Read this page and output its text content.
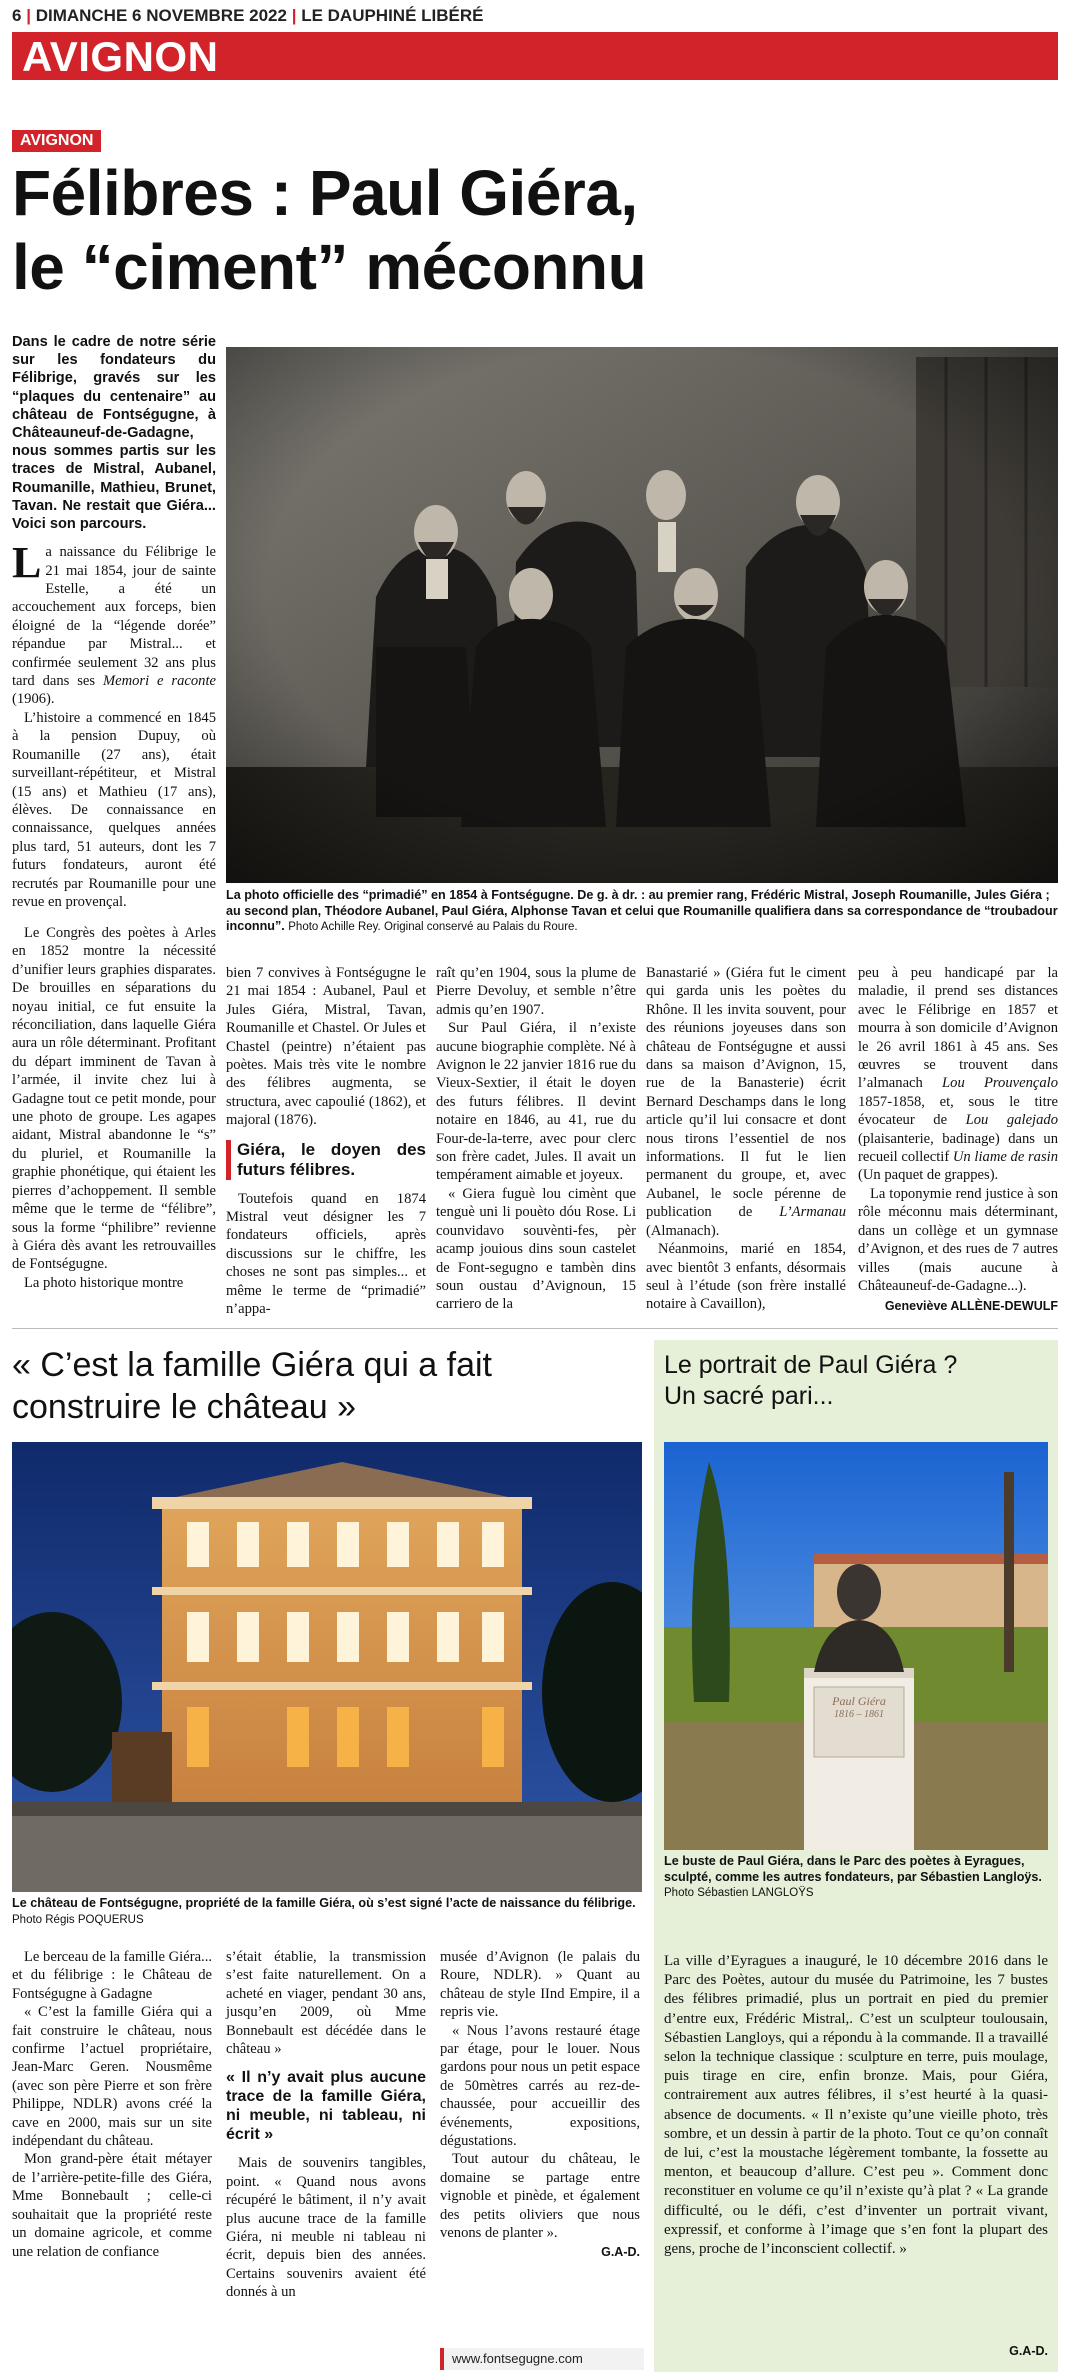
6 | DIMANCHE 6 NOVEMBRE 2022 | LE DAUPHINÉ LIBÉRÉ
AVIGNON
AVIGNON
Félibres : Paul Giéra,
le “ciment” méconnu
Dans le cadre de notre série sur les fondateurs du Félibrige, gravés sur les “plaques du centenaire” au château de Fontségugne, à Châteauneuf-de-Gadagne, nous sommes partis sur les traces de Mistral, Aubanel, Roumanille, Mathieu, Brunet, Tavan. Ne restait que Giéra... Voici son parcours.

La naissance du Félibrige le 21 mai 1854, jour de sainte Estelle, a été un accouchement aux forceps, bien éloigné de la “légende dorée” répandue par Mistral... et confirmée seulement 32 ans plus tard dans ses Memori e raconte (1906).

L’histoire a commencé en 1845 à la pension Dupuy, où Roumanille (27 ans), était surveillant-répétiteur, et Mistral (15 ans) et Mathieu (17 ans), élèves. De connaissance en connaissance, quelques années plus tard, 51 auteurs, dont les 7 futurs fondateurs, auront été recrutés par Roumanille pour une revue en provençal.	La photo officielle des “primadié” en 1854 à Fontségugne. De g. à dr. : au premier rang, Frédéric Mistral, Joseph Roumanille, Jules Giéra ; au second plan, Théodore Aubanel, Paul Giéra, Alphonse Tavan et celui que Roumanille qualifiera dans sa correspondance de “troubadour inconnu”. Photo Achille Rey. Original conservé au Palais du Roure.

Le Congrès des poètes à Arles en 1852 montre la nécessité d’unifier leurs graphies disparates. De brouilles en séparations du noyau initial, ce fut ensuite la réconciliation, dans laquelle Giéra aura un rôle déterminant. Profitant du départ imminent de Tavan à l’armée, il invite chez lui à Gadagne tout ce petit monde, pour une photo de groupe. Les agapes aidant, Mistral abandonne le “s” du pluriel, et Roumanille la graphie phonétique, qui étaient les pierres d’achoppement. Il semble même que le terme de “félibre”, sous la forme “philibre” revienne à Giéra dès avant les retrouvailles de Fontségugne.

La photo historique montre

bien 7 convives à Fontségugne le 21 mai 1854 : Aubanel, Paul et Jules Giéra, Mistral, Tavan, Roumanille et Chastel. Or Jules et Chastel (peintre) n’étaient pas poètes. Mais très vite le nombre des félibres augmenta, se structura, avec capoulié (1862), et majoral (1876).

Giéra, le doyen des futurs félibres.

Toutefois quand en 1874 Mistral veut désigner les 7 fondateurs officiels, après discussions sur le chiffre, les choses ne sont pas simples... et même le terme de “primadié” n’appa-

raît qu’en 1904, sous la plume de Pierre Devoluy, et semble n’être admis qu’en 1907.

Sur Paul Giéra, il n’existe aucune biographie complète. Né à Avignon le 22 janvier 1816 rue du Vieux-Sextier, il était le doyen des futurs félibres. Il devint notaire en 1846, au 41, rue du Four-de-la-terre, avec pour clerc son frère cadet, Jules. Il avait un tempérament aimable et joyeux.

« Giera fuguè lou cimènt que tenguè uni li pouèto dóu Rose. Li counvidavo souvènti-fes, pèr acamp jouious dins soun castelet de Font-segugno e tambèn dins soun oustau d’Avignoun, 15 carriero de la

Banastarié » (Giéra fut le ciment qui garda unis les poètes du Rhône. Il les invita souvent, pour des réunions joyeuses dans son château de Fontségugne et aussi dans sa maison d’Avignon, 15, rue de la Banasterie) écrit Bernard Deschamps dans le long article qu’il lui consacre et dont nous tirons l’essentiel de nos informations. Il fut le lien permanent du groupe, et, avec Aubanel, le socle pérenne de publication de L’Armanau (Almanach).

Néanmoins, marié en 1854, avec bientôt 3 enfants, désormais seul à l’étude (son frère installé notaire à Cavaillon),

peu à peu handicapé par la maladie, il prend ses distances avec le Félibrige en 1857 et mourra à son domicile d’Avignon le 26 avril 1861 à 45 ans. Ses œuvres se trouvent dans l’almanach Lou Prouvençalo 1857-1858, et, sous le titre évocateur de Lou galejado (plaisanterie, badinage) dans un recueil collectif Un liame de rasin (Un paquet de grappes).

La toponymie rend justice à son rôle méconnu mais déterminant, dans un collège et un gymnase d’Avignon, et des rues de 7 autres villes (mais aucune à Châteauneuf-de-Gadagne...).

Geneviève ALLÈNE-DEWULF
« C’est la famille Giéra qui a fait
construire le château »
Le château de Fontségugne, propriété de la famille Giéra, où s’est signé l’acte de naissance du félibrige. Photo Régis POQUERUS

Le berceau de la famille Giéra... et du félibrige : le Château de Fontségugne à Gadagne

« C’est la famille Giéra qui a fait construire le château, nous confirme l’actuel propriétaire, Jean-Marc Geren. Nousmême (avec son père Pierre et son frère Philippe, NDLR) avons créé la cave en 2000, mais sur un site indépendant du château.

Mon grand-père était métayer de l’arrière-petite-fille des Giéra, Mme Bonnebault ; celle-ci souhaitait que la propriété reste un domaine agricole, et comme une relation de confiance

s’était établie, la transmission s’est faite naturellement. On a acheté en viager, pendant 30 ans, jusqu’en 2009, où Mme Bonnebault est décédée dans le château »

« Il n’y avait plus aucune trace de la famille Giéra, ni meuble, ni tableau, ni écrit »

Mais de souvenirs tangibles, point. « Quand nous avons récupéré le bâtiment, il n’y avait plus aucune trace de la famille Giéra, ni meuble ni tableau ni écrit, depuis bien des années. Certains souvenirs avaient été donnés à un

musée d’Avignon (le palais du Roure, NDLR). » Quant au château de style IInd Empire, il a repris vie.

« Nous l’avons restauré étage par étage, pour le louer. Nous gardons pour nous un petit espace de 50mètres carrés au rez-de-chaussée, pour accueillir des événements, expositions, dégustations.

Tout autour du château, le domaine se partage entre vignoble et pinède, et également des petits oliviers que nous venons de planter ».

G.A-D.
www.fontsegugne.com
Le portrait de Paul Giéra ?
Un sacré pari...
Paul Giéra
1816 – 1861
Le buste de Paul Giéra, dans le Parc des poètes à Eyragues, sculpté, comme les autres fondateurs, par Sébastien Langloÿs. Photo Sébastien LANGLOŸS
La ville d’Eyragues a inauguré, le 10 décembre 2016 dans le Parc des Poètes, autour du musée du Patrimoine, les 7 bustes des félibres primadié, plus un portrait en pied du premier d’entre eux, Frédéric Mistral,. C’est un sculpteur toulousain, Sébastien Langloys, qui a répondu à la commande. Il a travaillé selon la technique classique : sculpture en terre, puis moulage, puis tirage en cire, enfin bronze. Mais, pour Giéra, contrairement aux autres félibres, il s’est heurté à la quasi-absence de documents. « Il n’existe qu’une vieille photo, très sombre, et un dessin à partir de la photo. Tout ce qu’on connaît de lui, c’est la moustache légèrement tombante, la fossette au menton, et beaucoup d’allure. C’est peu ». Comment donc reconstituer en volume ce qu’il n’existe qu’à plat ? « La grande difficulté, ou le défi, c’est d’inventer un portrait vivant, expressif, et conforme à l’image que s’en font la plupart des gens, proche de l’inconscient collectif. »
G.A-D.
